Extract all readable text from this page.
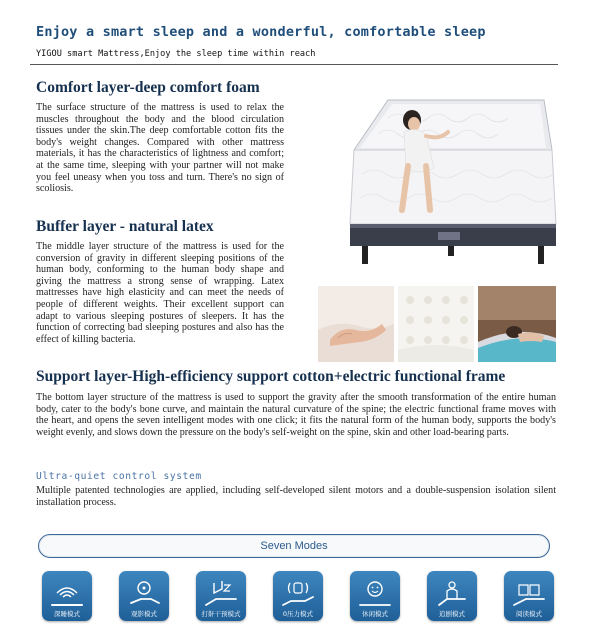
Enjoy a smart sleep and a wonderful, comfortable sleep
YIGOU smart Mattress,Enjoy the sleep time within reach
Comfort layer-deep comfort foam
The surface structure of the mattress is used to relax the muscles throughout the body and the blood circulation tissues under the skin.The deep comfortable cotton fits the body's weight changes. Compared with other mattress materials, it has the characteristics of lightness and comfort; at the same time, sleeping with your partner will not make you feel uneasy when you toss and turn. There's no sign of scoliosis.
Buffer layer - natural latex
The middle layer structure of the mattress is used for the conversion of gravity in different sleeping positions of the human body, conforming to the human body shape and giving the mattress a strong sense of wrapping. Latex mattresses have high elasticity and can meet the needs of people of different weights. Their excellent support can adapt to various sleeping postures of sleepers. It has the function of correcting bad sleeping postures and also has the effect of killing bacteria.
Support layer-High-efficiency support cotton+electric functional frame
The bottom layer structure of the mattress is used to support the gravity after the smooth transformation of the entire human body, cater to the body's bone curve, and maintain the natural curvature of the spine; the electric functional frame moves with the heart, and opens the seven intelligent modes with one click; it fits the natural form of the human body, supports the body's weight evenly, and slows down the pressure on the body's self-weight on the spine, skin and other load-bearing parts.
Ultra-quiet control system
Multiple patented technologies are applied, including self-developed silent motors and a double-suspension isolation silent installation process.
Seven Modes
深睡模式	观影模式	打鼾干预模式	0压力模式	休闲模式	追剧模式	阅读模式
